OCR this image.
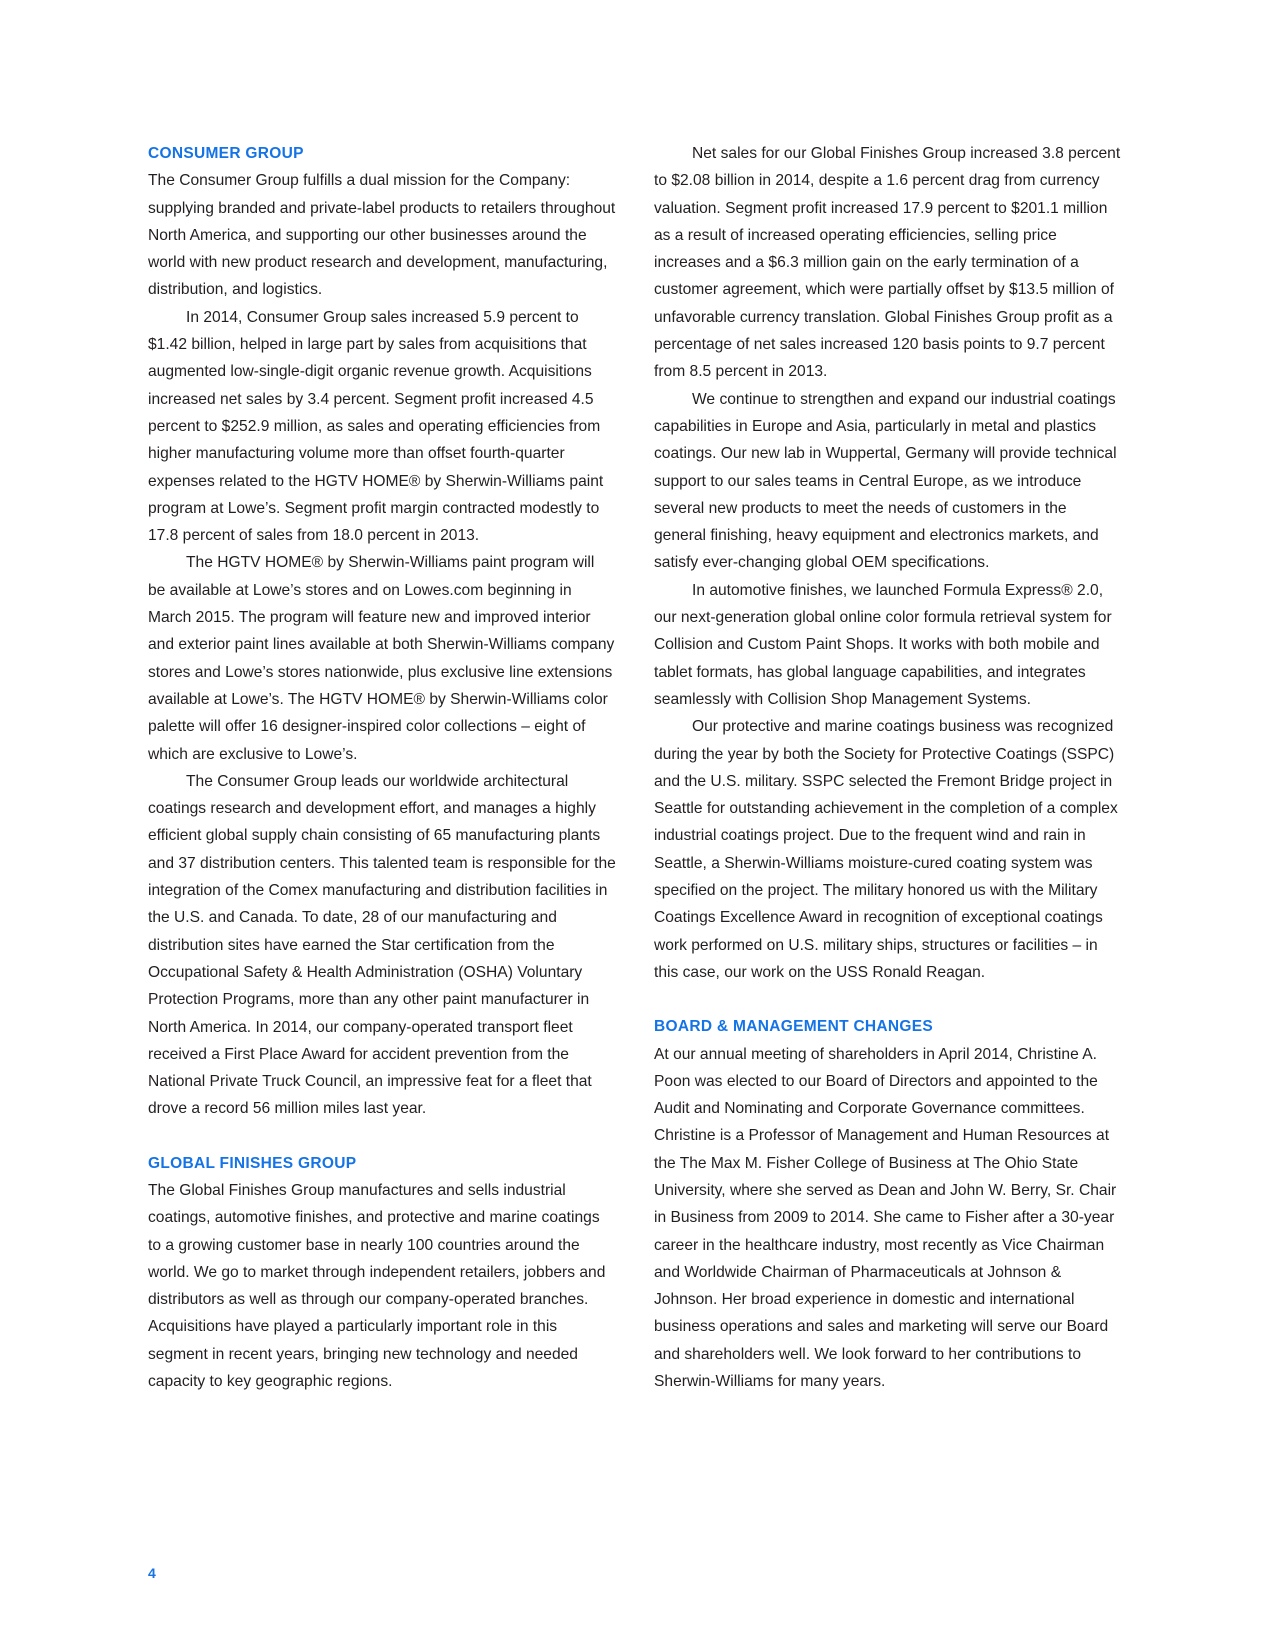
CONSUMER GROUP

The Consumer Group fulfills a dual mission for the Company: supplying branded and private-label products to retailers throughout North America, and supporting our other businesses around the world with new product research and development, manufacturing, distribution, and logistics.

In 2014, Consumer Group sales increased 5.9 percent to $1.42 billion, helped in large part by sales from acquisitions that augmented low-single-digit organic revenue growth. Acquisitions increased net sales by 3.4 percent. Segment profit increased 4.5 percent to $252.9 million, as sales and operating efficiencies from higher manufacturing volume more than offset fourth-quarter expenses related to the HGTV HOME® by Sherwin-Williams paint program at Lowe’s. Segment profit margin contracted modestly to 17.8 percent of sales from 18.0 percent in 2013.

The HGTV HOME® by Sherwin-Williams paint program will be available at Lowe’s stores and on Lowes.com beginning in March 2015. The program will feature new and improved interior and exterior paint lines available at both Sherwin-Williams company stores and Lowe’s stores nationwide, plus exclusive line extensions available at Lowe’s. The HGTV HOME® by Sherwin-Williams color palette will offer 16 designer-inspired color collections – eight of which are exclusive to Lowe’s.

The Consumer Group leads our worldwide architectural coatings research and development effort, and manages a highly efficient global supply chain consisting of 65 manufacturing plants and 37 distribution centers. This talented team is responsible for the integration of the Comex manufacturing and distribution facilities in the U.S. and Canada. To date, 28 of our manufacturing and distribution sites have earned the Star certification from the Occupational Safety & Health Administration (OSHA) Voluntary Protection Programs, more than any other paint manufacturer in North America. In 2014, our company-operated transport fleet received a First Place Award for accident prevention from the National Private Truck Council, an impressive feat for a fleet that drove a record 56 million miles last year.

GLOBAL FINISHES GROUP

The Global Finishes Group manufactures and sells industrial coatings, automotive finishes, and protective and marine coatings to a growing customer base in nearly 100 countries around the world. We go to market through independent retailers, jobbers and distributors as well as through our company-operated branches. Acquisitions have played a particularly important role in this segment in recent years, bringing new technology and needed capacity to key geographic regions.

Net sales for our Global Finishes Group increased 3.8 percent to $2.08 billion in 2014, despite a 1.6 percent drag from currency valuation. Segment profit increased 17.9 percent to $201.1 million as a result of increased operating efficiencies, selling price increases and a $6.3 million gain on the early termination of a customer agreement, which were partially offset by $13.5 million of unfavorable currency translation. Global Finishes Group profit as a percentage of net sales increased 120 basis points to 9.7 percent from 8.5 percent in 2013.

We continue to strengthen and expand our industrial coatings capabilities in Europe and Asia, particularly in metal and plastics coatings. Our new lab in Wuppertal, Germany will provide technical support to our sales teams in Central Europe, as we introduce several new products to meet the needs of customers in the general finishing, heavy equipment and electronics markets, and satisfy ever-changing global OEM specifications.

In automotive finishes, we launched Formula Express® 2.0, our next-generation global online color formula retrieval system for Collision and Custom Paint Shops. It works with both mobile and tablet formats, has global language capabilities, and integrates seamlessly with Collision Shop Management Systems.

Our protective and marine coatings business was recognized during the year by both the Society for Protective Coatings (SSPC) and the U.S. military. SSPC selected the Fremont Bridge project in Seattle for outstanding achievement in the completion of a complex industrial coatings project. Due to the frequent wind and rain in Seattle, a Sherwin-Williams moisture-cured coating system was specified on the project. The military honored us with the Military Coatings Excellence Award in recognition of exceptional coatings work performed on U.S. military ships, structures or facilities – in this case, our work on the USS Ronald Reagan.

BOARD & MANAGEMENT CHANGES

At our annual meeting of shareholders in April 2014, Christine A. Poon was elected to our Board of Directors and appointed to the Audit and Nominating and Corporate Governance committees. Christine is a Professor of Management and Human Resources at the The Max M. Fisher College of Business at The Ohio State University, where she served as Dean and John W. Berry, Sr. Chair in Business from 2009 to 2014. She came to Fisher after a 30-year career in the healthcare industry, most recently as Vice Chairman and Worldwide Chairman of Pharmaceuticals at Johnson & Johnson. Her broad experience in domestic and international business operations and sales and marketing will serve our Board and shareholders well. We look forward to her contributions to Sherwin-Williams for many years.

4
